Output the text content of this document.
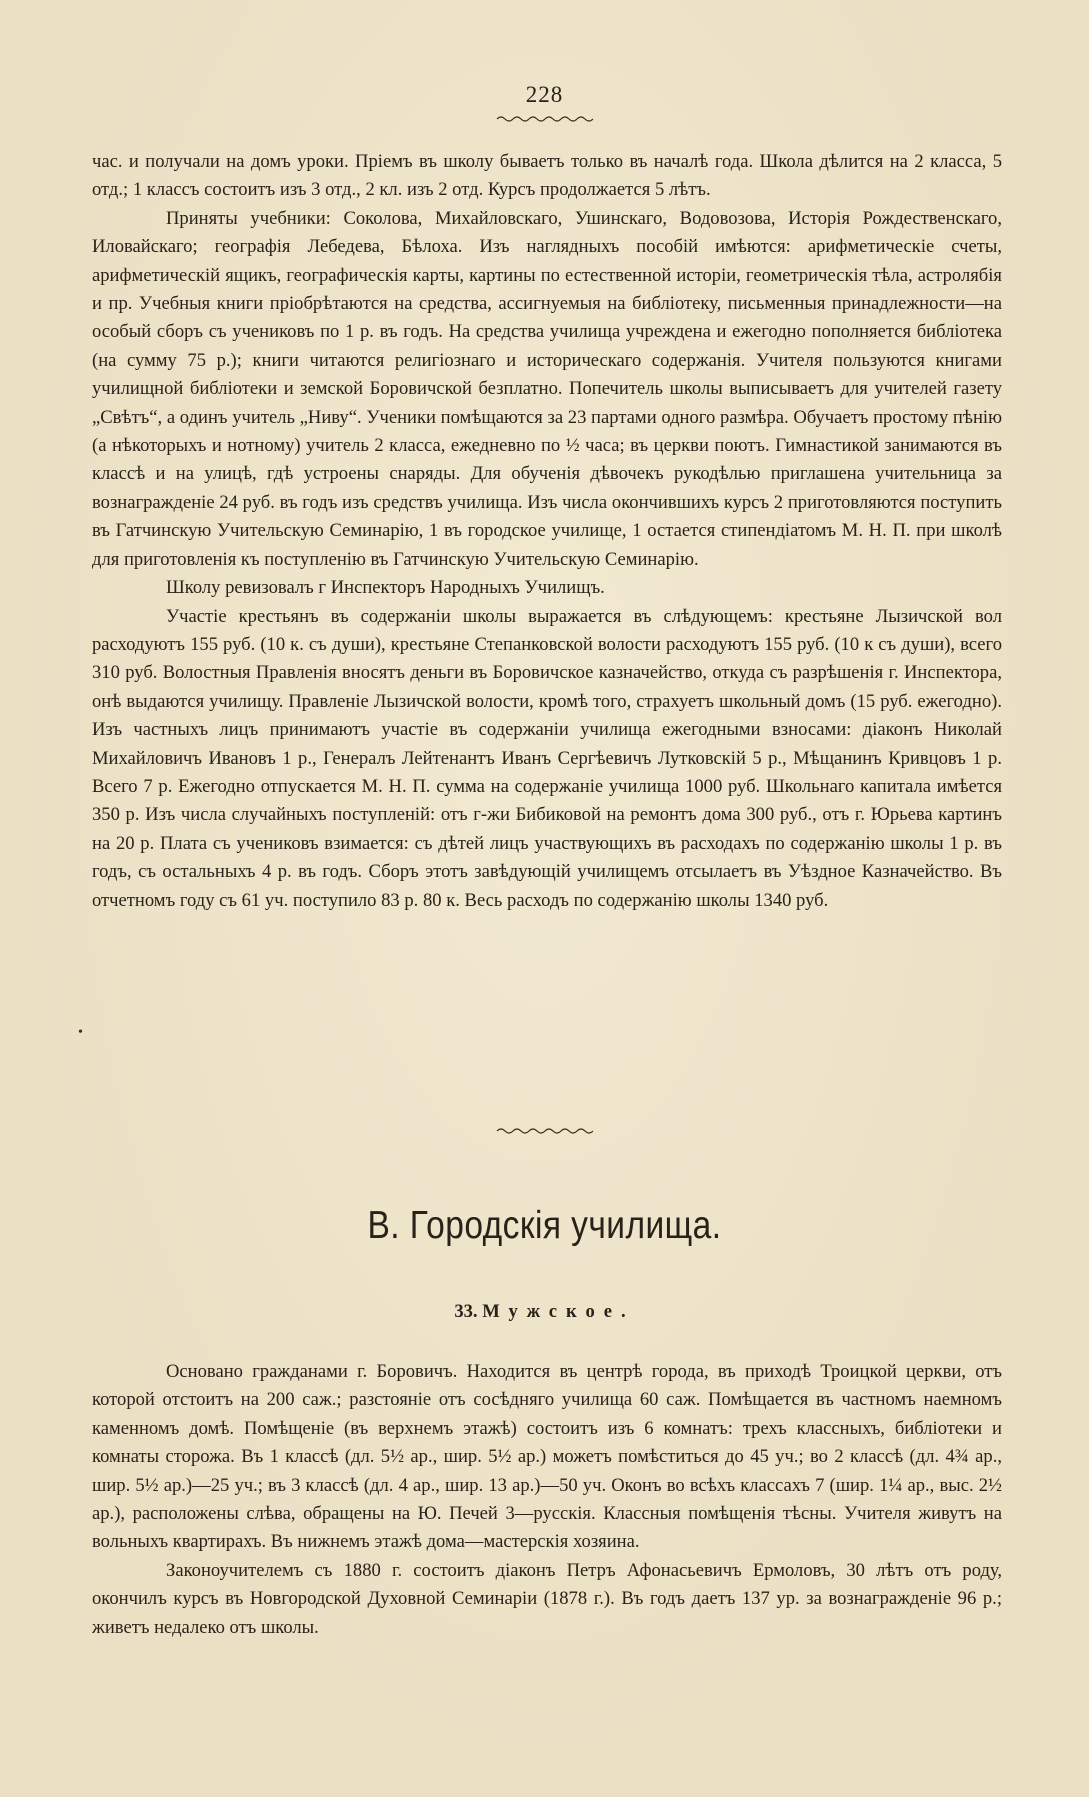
228

час. и получали на домъ уроки. Пріемъ въ школу бываетъ только въ началѣ года. Школа дѣлится на 2 класса, 5 отд.; 1 классъ состоитъ изъ 3 отд., 2 кл. изъ 2 отд. Курсъ продолжается 5 лѣтъ.

Приняты учебники: Соколова, Михайловскаго, Ушинскаго, Водовозова, Исторія Рождественскаго, Иловайскаго; географія Лебедева, Бѣлоха. Изъ наглядныхъ пособій имѣются: арифметическіе счеты, арифметическій ящикъ, географическія карты, картины по естественной исторіи, геометрическія тѣла, астролябія и пр. Учебныя книги пріобрѣтаются на средства, ассигнуемыя на библіотеку, письменныя принадлежности—на особый сборъ съ учениковъ по 1 р. въ годъ. На средства училища учреждена и ежегодно пополняется библіотека (на сумму 75 р.); книги читаются религіознаго и историческаго содержанія. Учителя пользуются книгами училищной библіотеки и земской Боровичской безплатно. Попечитель школы выписываетъ для учителей газету „Свѣтъ“, а одинъ учитель „Ниву“. Ученики помѣщаются за 23 партами одного размѣра. Обучаетъ простому пѣнію (а нѣкоторыхъ и нотному) учитель 2 класса, ежедневно по ½ часа; въ церкви поютъ. Гимнастикой занимаются въ классѣ и на улицѣ, гдѣ устроены снаряды. Для обученія дѣвочекъ рукодѣлью приглашена учительница за вознагражденіе 24 руб. въ годъ изъ средствъ училища. Изъ числа окончившихъ курсъ 2 приготовляются поступить въ Гатчинскую Учительскую Семинарію, 1 въ городское училище, 1 остается стипендіатомъ М. Н. П. при школѣ для приготовленія къ поступленію въ Гатчинскую Учительскую Семинарію.

Школу ревизовалъ г Инспекторъ Народныхъ Училищъ.

Участіе крестьянъ въ содержаніи школы выражается въ слѣдующемъ: крестьяне Лызичской вол расходуютъ 155 руб. (10 к. съ души), крестьяне Степанковской волости расходуютъ 155 руб. (10 к съ души), всего 310 руб. Волостныя Правленія вносятъ деньги въ Боровичское казначейство, откуда съ разрѣшенія г. Инспектора, онѣ выдаются училищу. Правленіе Лызичской волости, кромѣ того, страхуетъ школьный домъ (15 руб. ежегодно). Изъ частныхъ лицъ принимаютъ участіе въ содержаніи училища ежегодными взносами: діаконъ Николай Михайловичъ Ивановъ 1 р., Генералъ Лейтенантъ Иванъ Сергѣевичъ Лутковскій 5 р., Мѣщанинъ Кривцовъ 1 р. Всего 7 р. Ежегодно отпускается М. Н. П. сумма на содержаніе училища 1000 руб. Школьнаго капитала имѣется 350 р. Изъ числа случайныхъ поступленій: отъ г-жи Бибиковой на ремонтъ дома 300 руб., отъ г. Юрьева картинъ на 20 р. Плата съ учениковъ взимается: съ дѣтей лицъ участвующихъ въ расходахъ по содержанію школы 1 р. въ годъ, съ остальныхъ 4 р. въ годъ. Сборъ этотъ завѣдующій училищемъ отсылаетъ въ Уѣздное Казначейство. Въ отчетномъ году съ 61 уч. поступило 83 р. 80 к. Весь расходъ по содержанію школы 1340 руб.

•
В. Городскія училища.
33. Мужское.

Основано гражданами г. Боровичъ. Находится въ центрѣ города, въ приходѣ Троицкой церкви, отъ которой отстоитъ на 200 саж.; разстояніе отъ сосѣдняго училища 60 саж. Помѣщается въ частномъ наемномъ каменномъ домѣ. Помѣщеніе (въ верхнемъ этажѣ) состоитъ изъ 6 комнатъ: трехъ классныхъ, библіотеки и комнаты сторожа. Въ 1 классѣ (дл. 5½ ар., шир. 5½ ар.) можетъ помѣститься до 45 уч.; во 2 классѣ (дл. 4¾ ар., шир. 5½ ар.)—25 уч.; въ 3 классѣ (дл. 4 ар., шир. 13 ар.)—50 уч. Оконъ во всѣхъ классахъ 7 (шир. 1¼ ар., выс. 2½ ар.), расположены слѣва, обращены на Ю. Печей 3—русскія. Классныя помѣщенія тѣсны. Учителя живутъ на вольныхъ квартирахъ. Въ нижнемъ этажѣ дома—мастерскія хозяина.

Законоучителемъ съ 1880 г. состоитъ діаконъ Петръ Афонасьевичъ Ермоловъ, 30 лѣтъ отъ роду, окончилъ курсъ въ Новгородской Духовной Семинаріи (1878 г.). Въ годъ даетъ 137 ур. за вознагражденіе 96 р.; живетъ недалеко отъ школы.
